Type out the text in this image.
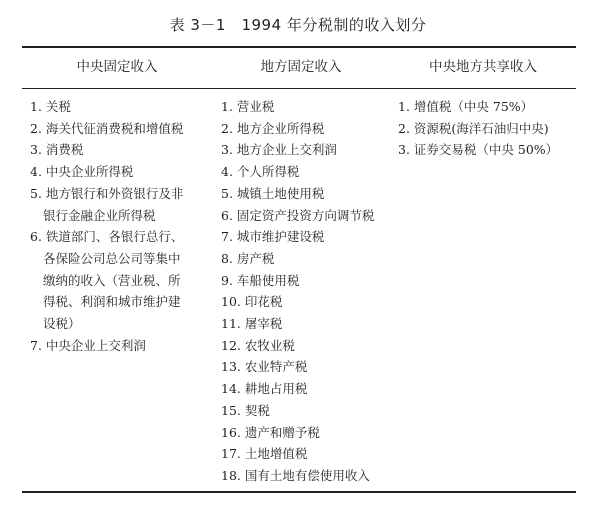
表 3－1　1994 年分税制的收入划分
中央固定收入	地方固定收入	中央地方共享收入
1. 关税
2. 海关代征消费税和增值税
3. 消费税
4. 中央企业所得税
5. 地方银行和外资银行及非
银行金融企业所得税
6. 铁道部门、各银行总行、
各保险公司总公司等集中
缴纳的收入（营业税、所
得税、利润和城市维护建
设税）
7. 中央企业上交利润
1. 营业税
2. 地方企业所得税
3. 地方企业上交利润
4. 个人所得税
5. 城镇土地使用税
6. 固定资产投资方向调节税
7. 城市维护建设税
8. 房产税
9. 车船使用税
10. 印花税
11. 屠宰税
12. 农牧业税
13. 农业特产税
14. 耕地占用税
15. 契税
16. 遗产和赠予税
17. 土地增值税
18. 国有土地有偿使用收入
1. 增值税（中央 75%）
2. 资源税(海洋石油归中央)
3. 证券交易税（中央 50%）
